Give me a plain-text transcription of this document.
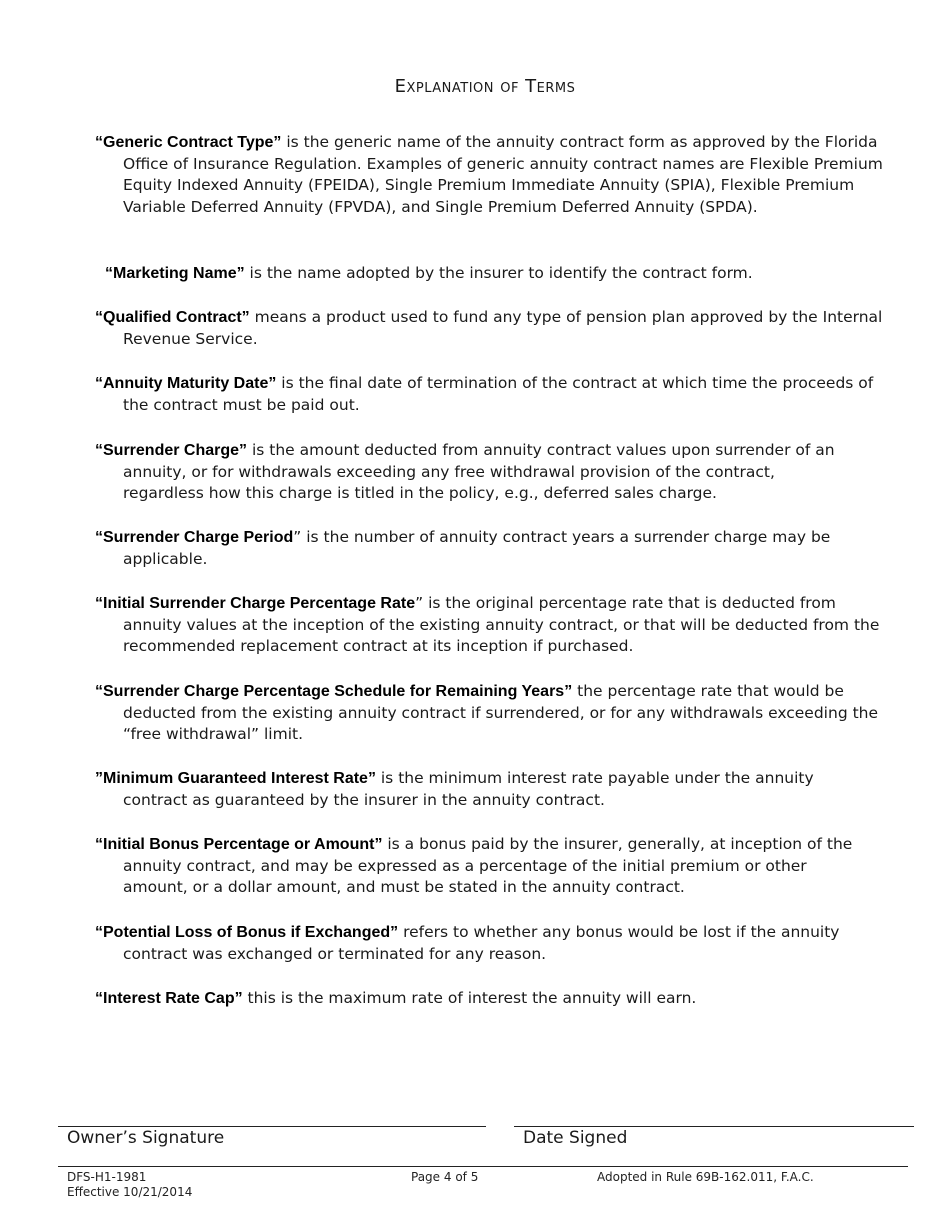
Explanation of Terms
“Generic Contract Type” is the generic name of the annuity contract form as approved by the Florida Office of Insurance Regulation. Examples of generic annuity contract names are Flexible Premium Equity Indexed Annuity (FPEIDA), Single Premium Immediate Annuity (SPIA), Flexible Premium Variable Deferred Annuity (FPVDA), and Single Premium Deferred Annuity (SPDA).
“Marketing Name” is the name adopted by the insurer to identify the contract form.
“Qualified Contract” means a product used to fund any type of pension plan approved by the Internal Revenue Service.
“Annuity Maturity Date” is the final date of termination of the contract at which time the proceeds of the contract must be paid out.
“Surrender Charge” is the amount deducted from annuity contract values upon surrender of an annuity, or for withdrawals exceeding any free withdrawal provision of the contract, regardless how this charge is titled in the policy, e.g., deferred sales charge.
“Surrender Charge Period” is the number of annuity contract years a surrender charge may be applicable.
“Initial Surrender Charge Percentage Rate” is the original percentage rate that is deducted from annuity values at the inception of the existing annuity contract, or that will be deducted from the recommended replacement contract at its inception if purchased.
“Surrender Charge Percentage Schedule for Remaining Years” the percentage rate that would be deducted from the existing annuity contract if surrendered, or for any withdrawals exceeding the “free withdrawal” limit.
”Minimum Guaranteed Interest Rate” is the minimum interest rate payable under the annuity contract as guaranteed by the insurer in the annuity contract.
“Initial Bonus Percentage or Amount” is a bonus paid by the insurer, generally, at inception of the annuity contract, and may be expressed as a percentage of the initial premium or other amount, or a dollar amount, and must be stated in the annuity contract.
“Potential Loss of Bonus if Exchanged” refers to whether any bonus would be lost if the annuity contract was exchanged or terminated for any reason.
“Interest Rate Cap” this is the maximum rate of interest the annuity will earn.
Owner’s Signature	Date Signed
DFS-H1-1981
Effective 10/21/2014
Page 4 of 5	Adopted in Rule 69B-162.011, F.A.C.
